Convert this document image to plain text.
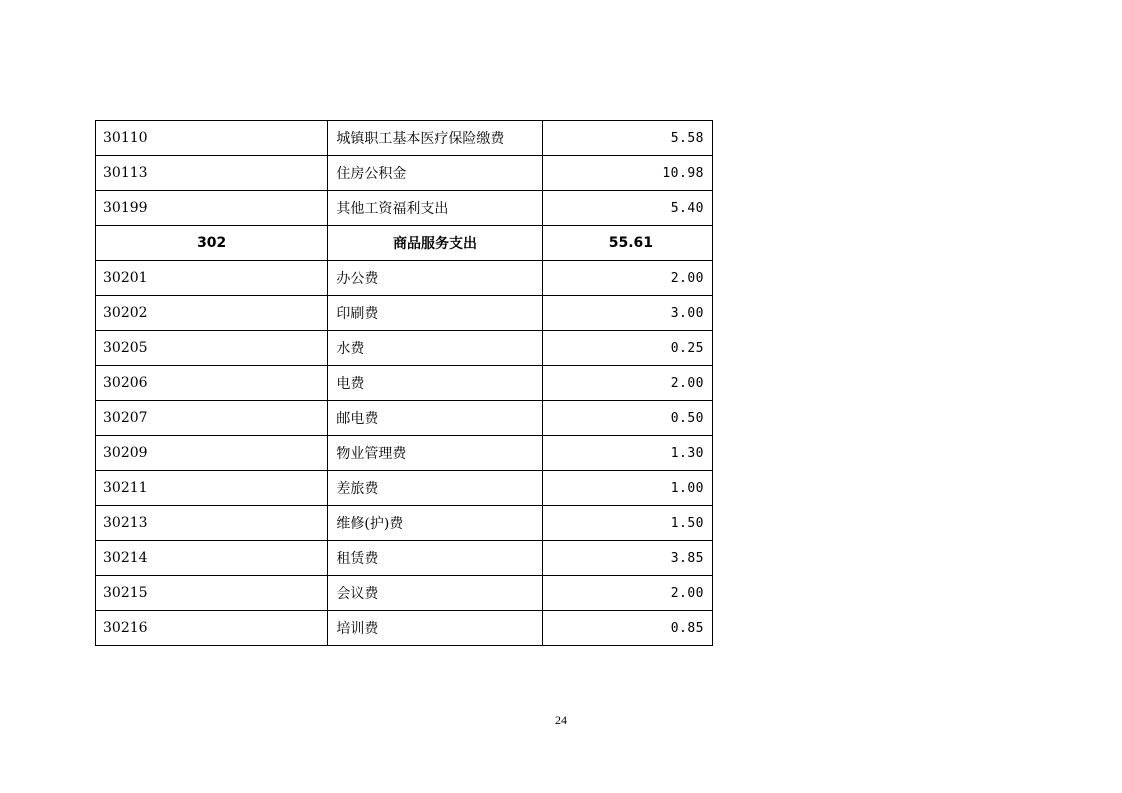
30110	城镇职工基本医疗保险缴费	5.58
30113	住房公积金	10.98
30199	其他工资福利支出	5.40
302	商品服务支出	55.61
30201	办公费	2.00
30202	印刷费	3.00
30205	水费	0.25
30206	电费	2.00
30207	邮电费	0.50
30209	物业管理费	1.30
30211	差旅费	1.00
30213	维修(护)费	1.50
30214	租赁费	3.85
30215	会议费	2.00
30216	培训费	0.85
24
